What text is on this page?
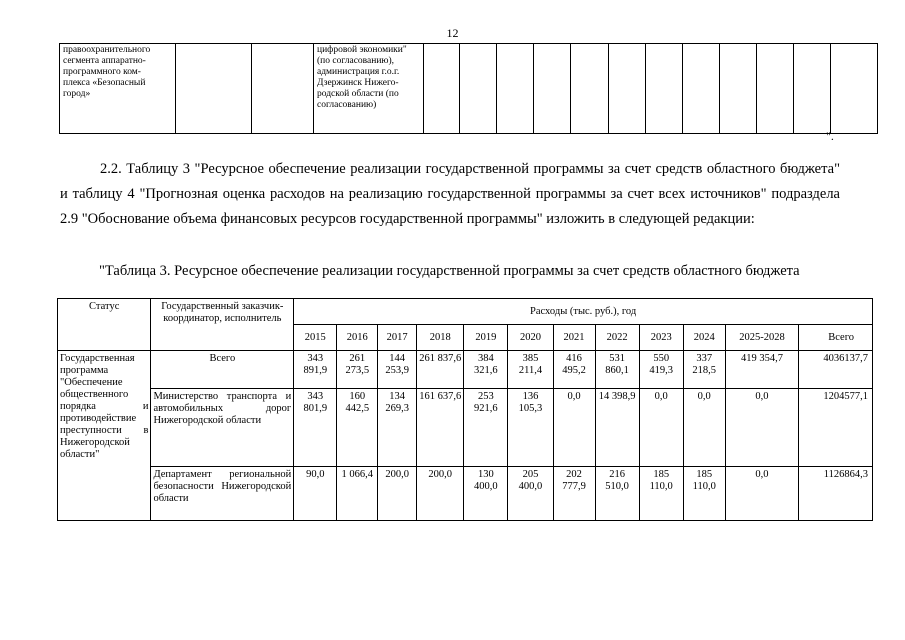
12
правоохранительного
сегмента аппаратно-
программного ком-
плекса «Безопасный
город»

цифровой экономики"
(по согласованию),
администрация г.о.г.
Дзержинск Нижего-
родской области (по
согласованию)

".
2.2. Таблицу 3 "Ресурсное обеспечение реализации государственной программы за счет средств областного бюджета" и таблицу 4 "Прогнозная оценка расходов на реализацию государственной программы за счет всех источников" подраздела 2.9 "Обоснование объема финансовых ресурсов государственной программы" изложить в следующей редакции:
"Таблица 3. Ресурсное обеспечение реализации государственной программы за счет средств областного бюджета
Статус	Государственный заказчик-координатор, исполнитель	Расходы (тыс. руб.), год											
		2015	2016	2017	2018	2019	2020	2021	2022	2023	2024	2025-2028	Всего
Государственная программа "Обеспечение общественного порядка и противодействие преступности в Нижегородской области"	Всего	343 891,9	261 273,5	144 253,9	261 837,6	384 321,6	385 211,4	416 495,2	531 860,1	550 419,3	337 218,5	419 354,7	4036137,7
	Министерство транспорта и автомобильных дорог Нижегородской области	343 801,9	160 442,5	134 269,3	161 637,6	253 921,6	136 105,3	0,0	14 398,9	0,0	0,0	0,0	1204577,1
	Департамент региональной безопасности Нижегородской области	90,0	1 066,4	200,0	200,0	130 400,0	205 400,0	202 777,9	216 510,0	185 110,0	185 110,0	0,0	1126864,3
